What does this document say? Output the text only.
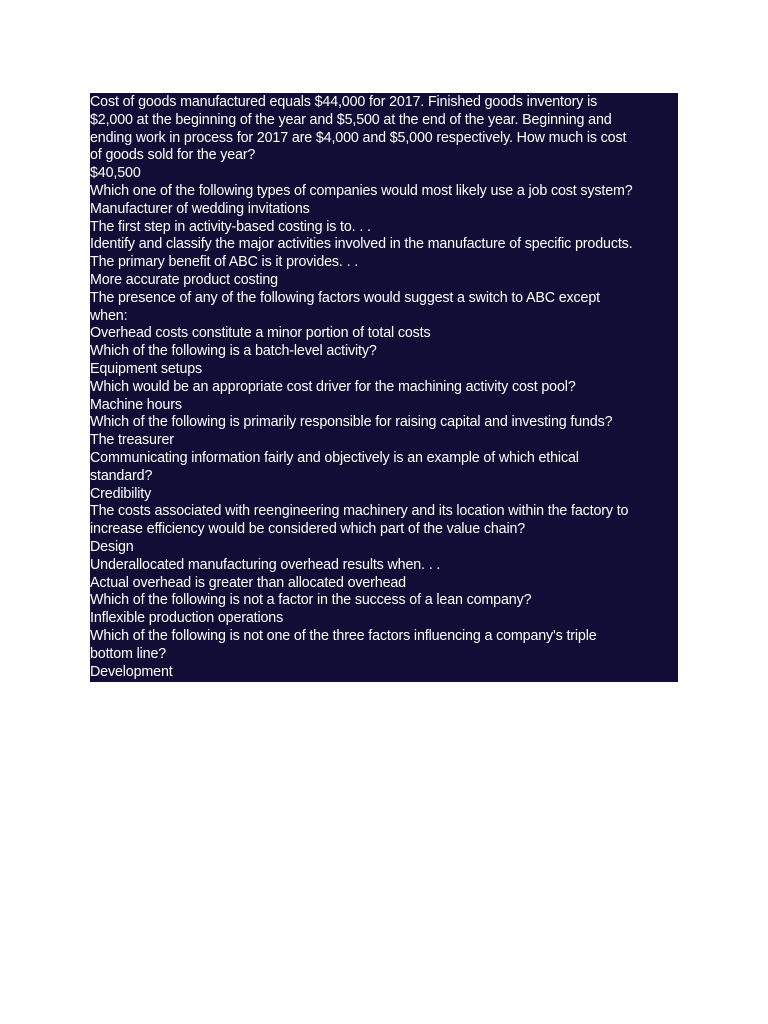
Cost of goods manufactured equals $44,000 for 2017. Finished goods inventory is
$2,000 at the beginning of the year and $5,500 at the end of the year. Beginning and
ending work in process for 2017 are $4,000 and $5,000 respectively. How much is cost
of goods sold for the year?
$40,500
Which one of the following types of companies would most likely use a job cost system?
Manufacturer of wedding invitations
The first step in activity-based costing is to. . .
Identify and classify the major activities involved in the manufacture of specific products.
The primary benefit of ABC is it provides. . .
More accurate product costing
The presence of any of the following factors would suggest a switch to ABC except
when:
Overhead costs constitute a minor portion of total costs
Which of the following is a batch-level activity?
Equipment setups
Which would be an appropriate cost driver for the machining activity cost pool?
Machine hours
Which of the following is primarily responsible for raising capital and investing funds?
The treasurer
Communicating information fairly and objectively is an example of which ethical
standard?
Credibility
The costs associated with reengineering machinery and its location within the factory to
increase efficiency would be considered which part of the value chain?
Design
Underallocated manufacturing overhead results when. . .
Actual overhead is greater than allocated overhead
Which of the following is not a factor in the success of a lean company?
Inflexible production operations
Which of the following is not one of the three factors influencing a company's triple
bottom line?
Development
